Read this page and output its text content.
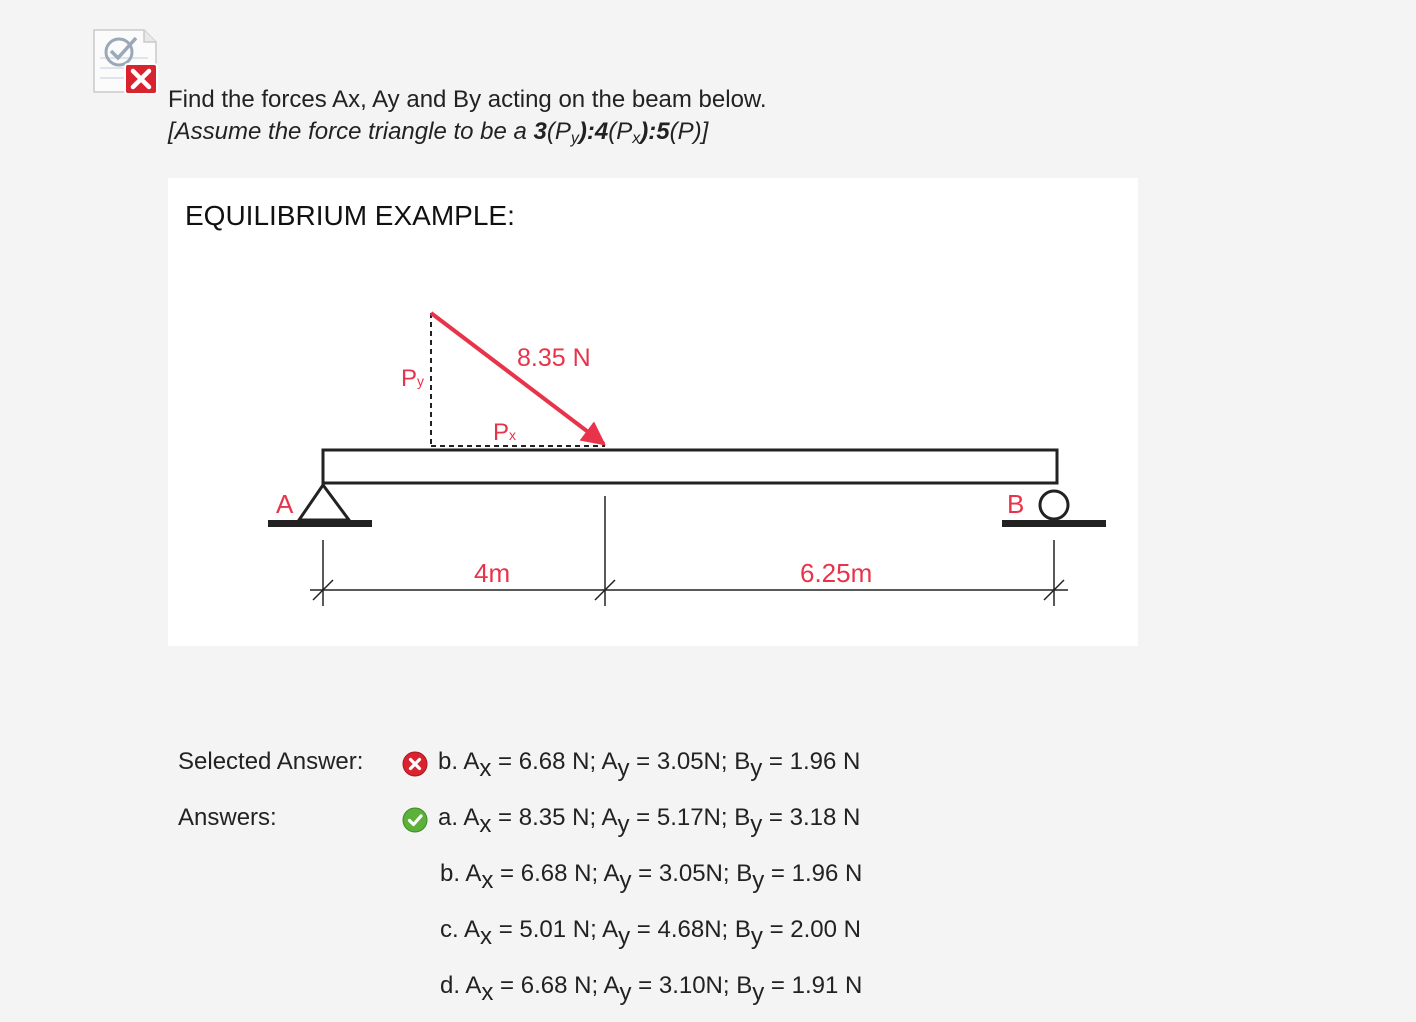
Find the forces Ax, Ay and By acting on the beam below.
[Assume the force triangle to be a $3(P_y):4(P_x):5(P)$]
EQUILIBRIUM EXAMPLE:
8.35 N
Py
Px
A	B
4m	6.25m
Selected Answer:
Answers:
b. $A_x = 6.68$ N; $A_y = 3.05N$; $B_y = 1.96$ N
a. $A_x = 8.35$ N; $A_y = 5.17N$; $B_y = 3.18$ N
b. $A_x = 6.68$ N; $A_y = 3.05N$; $B_y = 1.96$ N
c. $A_x = 5.01$ N; $A_y = 4.68N$; $B_y = 2.00$ N
d. $A_x = 6.68$ N; $A_y = 3.10N$; $B_y = 1.91$ N
